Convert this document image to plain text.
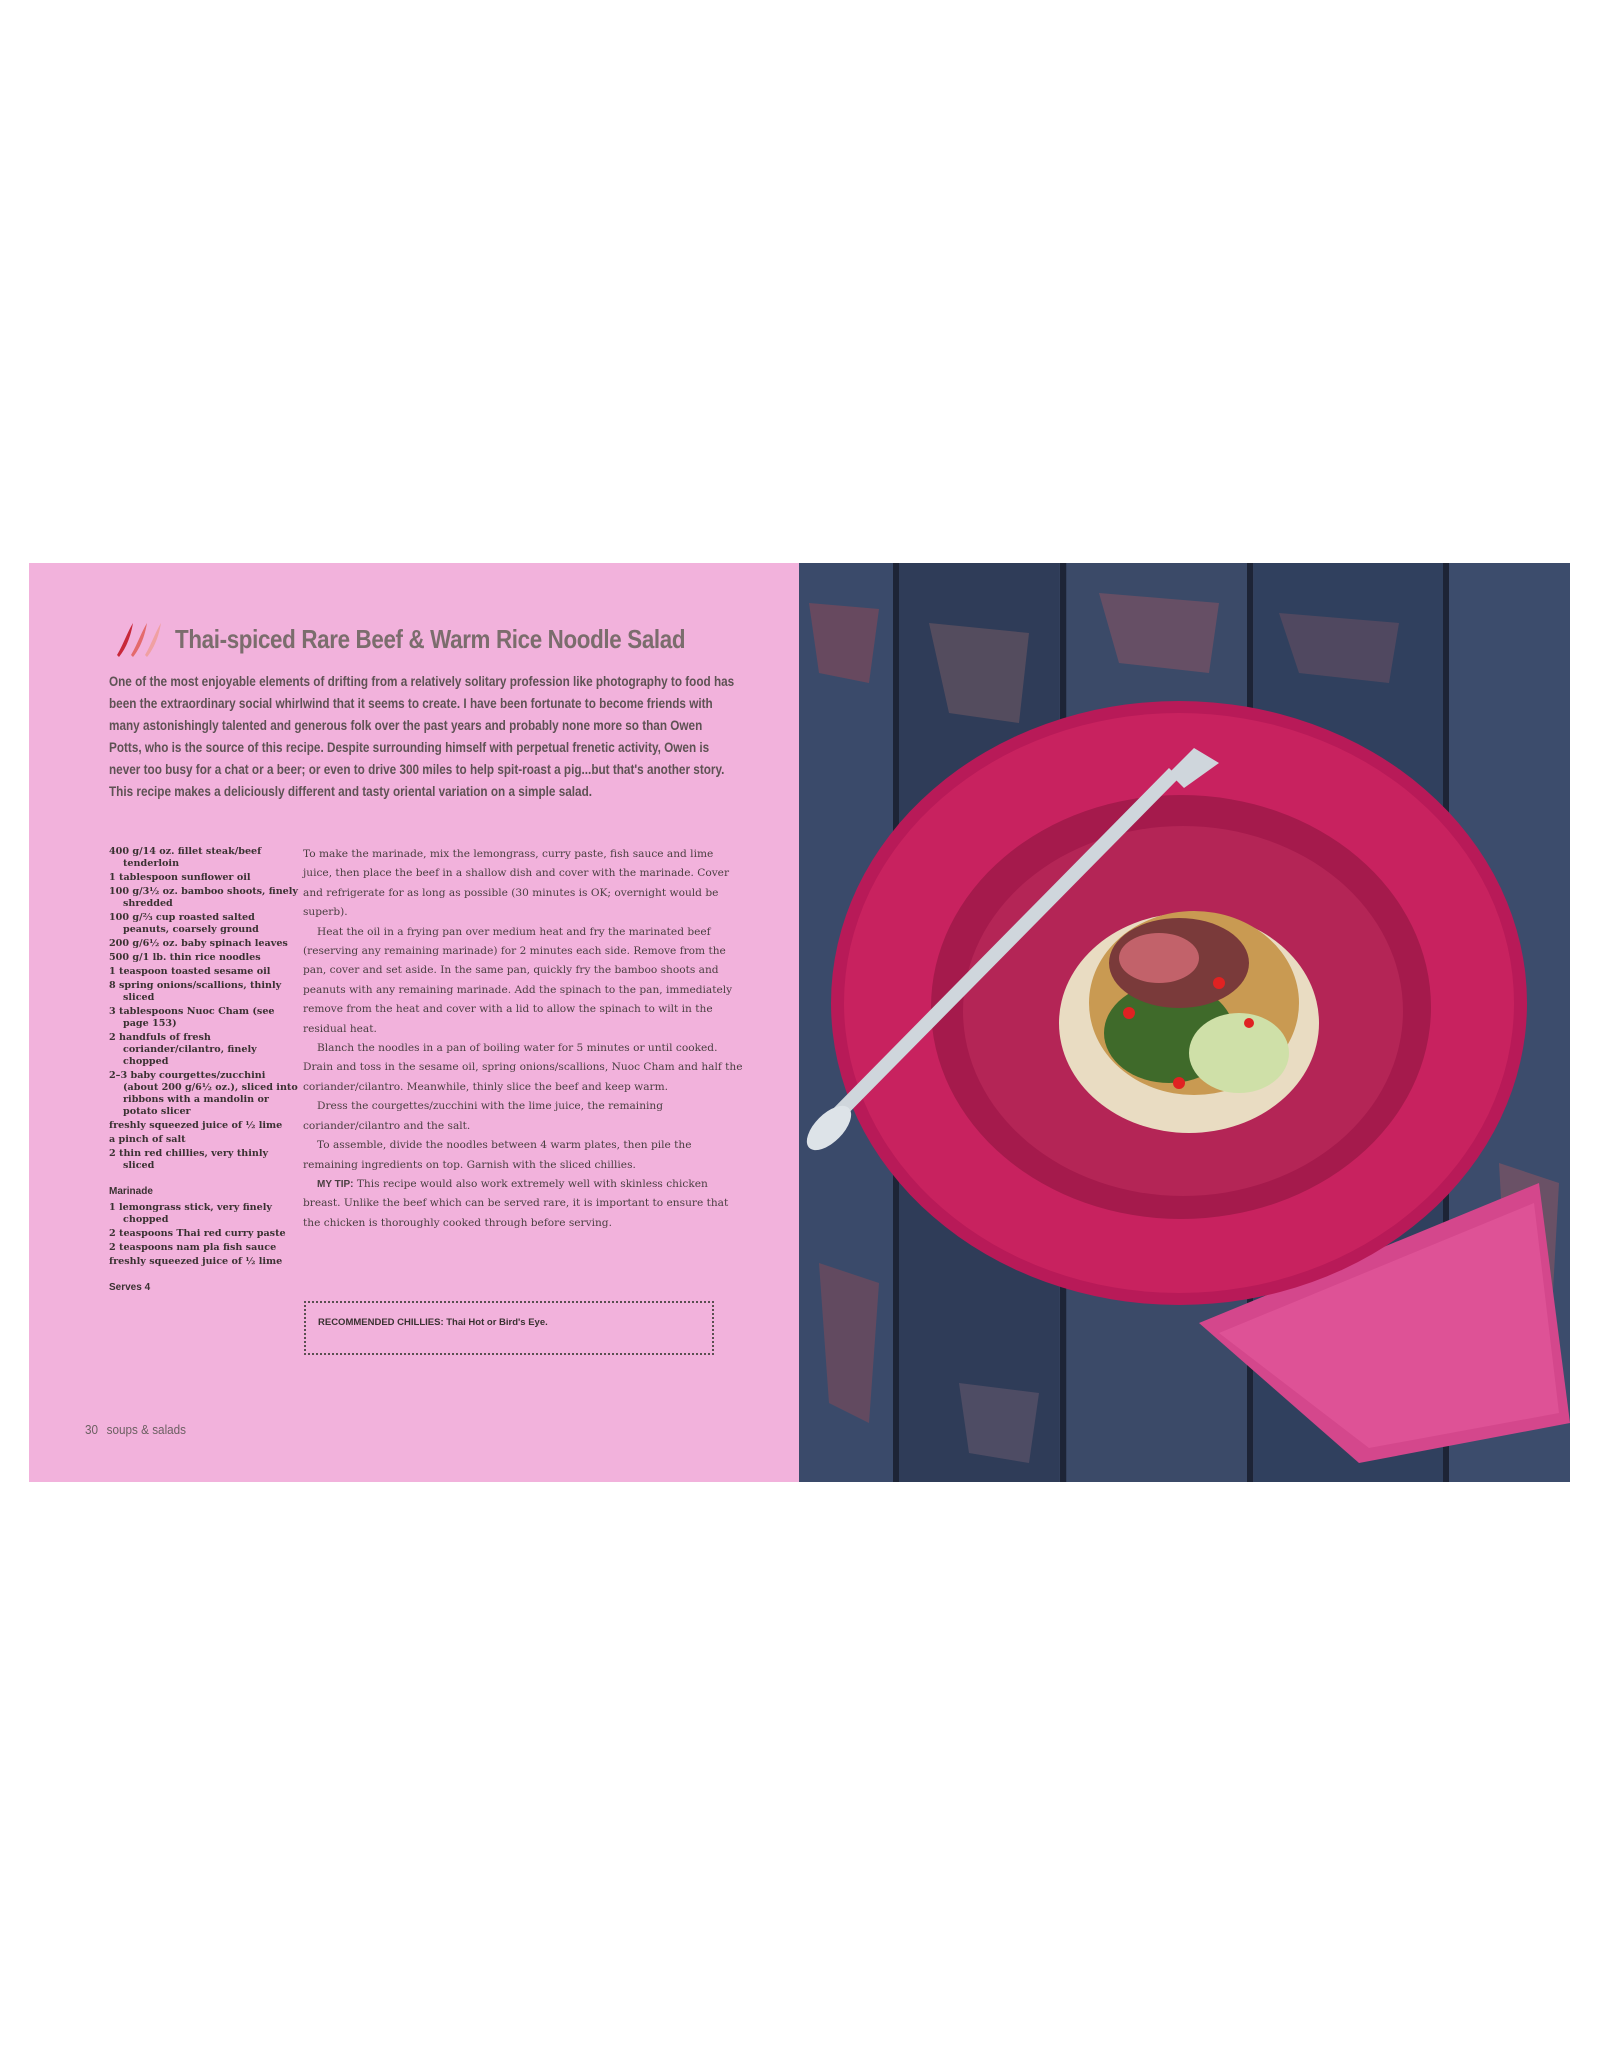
Thai-spiced Rare Beef & Warm Rice Noodle Salad

One of the most enjoyable elements of drifting from a relatively solitary profession like photography to food has been the extraordinary social whirlwind that it seems to create. I have been fortunate to become friends with many astonishingly talented and generous folk over the past years and probably none more so than Owen Potts, who is the source of this recipe. Despite surrounding himself with perpetual frenetic activity, Owen is never too busy for a chat or a beer; or even to drive 300 miles to help spit-roast a pig...but that's another story. This recipe makes a deliciously different and tasty oriental variation on a simple salad.

400 g/14 oz. fillet steak/beef tenderloin
1 tablespoon sunflower oil
100 g/3½ oz. bamboo shoots, finely shredded
100 g/⅔ cup roasted salted peanuts, coarsely ground
200 g/6½ oz. baby spinach leaves
500 g/1 lb. thin rice noodles
1 teaspoon toasted sesame oil
8 spring onions/scallions, thinly sliced
3 tablespoons Nuoc Cham (see page 153)
2 handfuls of fresh coriander/cilantro, finely chopped
2–3 baby courgettes/zucchini (about 200 g/6½ oz.), sliced into ribbons with a mandolin or potato slicer
freshly squeezed juice of ½ lime
a pinch of salt
2 thin red chillies, very thinly sliced
Marinade
1 lemongrass stick, very finely chopped
2 teaspoons Thai red curry paste
2 teaspoons nam pla fish sauce
freshly squeezed juice of ½ lime
Serves 4

To make the marinade, mix the lemongrass, curry paste, fish sauce and lime juice, then place the beef in a shallow dish and cover with the marinade. Cover and refrigerate for as long as possible (30 minutes is OK; overnight would be superb).

Heat the oil in a frying pan over medium heat and fry the marinated beef (reserving any remaining marinade) for 2 minutes each side. Remove from the pan, cover and set aside. In the same pan, quickly fry the bamboo shoots and peanuts with any remaining marinade. Add the spinach to the pan, immediately remove from the heat and cover with a lid to allow the spinach to wilt in the residual heat.

Blanch the noodles in a pan of boiling water for 5 minutes or until cooked. Drain and toss in the sesame oil, spring onions/scallions, Nuoc Cham and half the coriander/cilantro. Meanwhile, thinly slice the beef and keep warm.

Dress the courgettes/zucchini with the lime juice, the remaining coriander/cilantro and the salt.

To assemble, divide the noodles between 4 warm plates, then pile the remaining ingredients on top. Garnish with the sliced chillies.

MY TIP: This recipe would also work extremely well with skinless chicken breast. Unlike the beef which can be served rare, it is important to ensure that the chicken is thoroughly cooked through before serving.

RECOMMENDED CHILLIES: Thai Hot or Bird's Eye.
30 soups & salads
